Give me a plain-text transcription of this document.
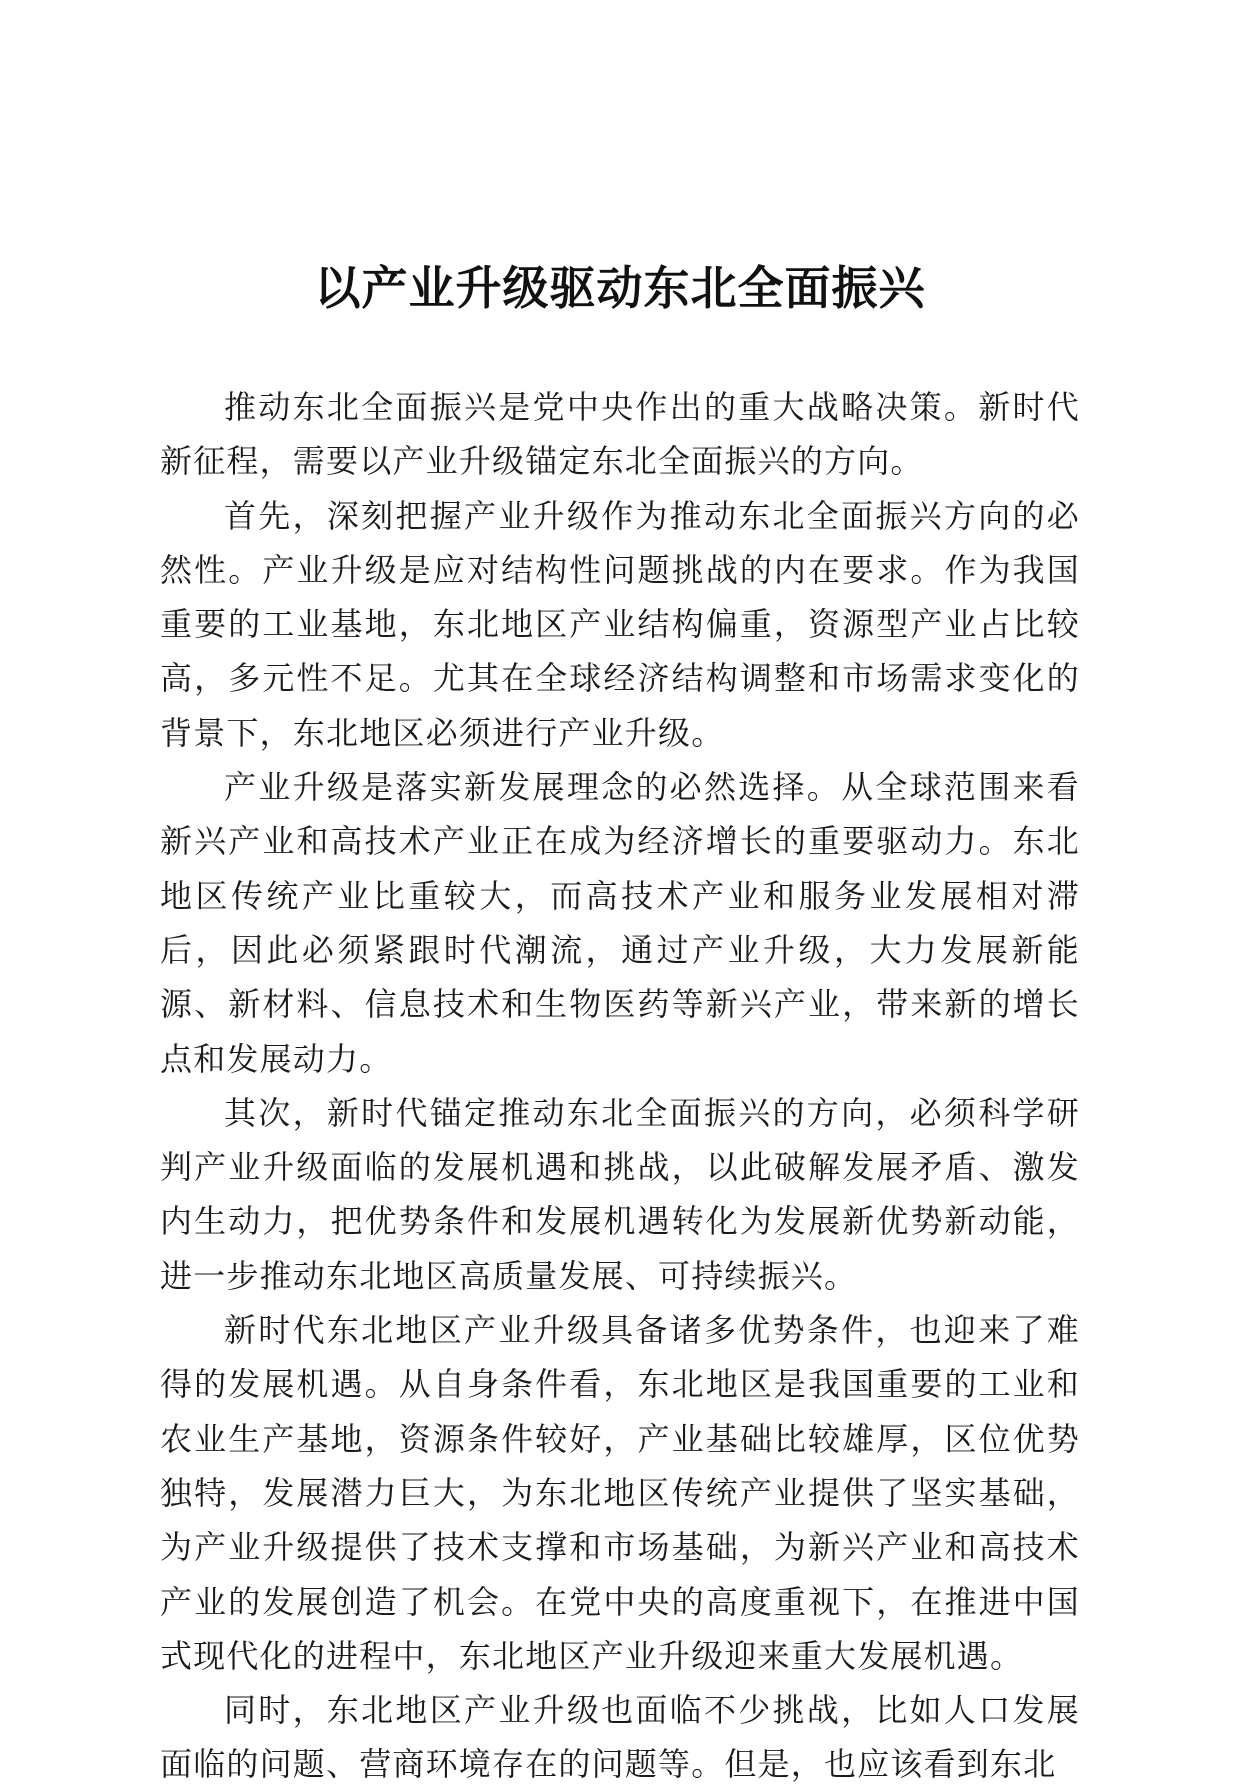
以产业升级驱动东北全面振兴

推动东北全面振兴是党中央作出的重大战略决策。新时代新征程，需要以产业升级锚定东北全面振兴的方向。

首先，深刻把握产业升级作为推动东北全面振兴方向的必然性。产业升级是应对结构性问题挑战的内在要求。作为我国重要的工业基地，东北地区产业结构偏重，资源型产业占比较高，多元性不足。尤其在全球经济结构调整和市场需求变化的背景下，东北地区必须进行产业升级。

产业升级是落实新发展理念的必然选择。从全球范围来看新兴产业和高技术产业正在成为经济增长的重要驱动力。东北地区传统产业比重较大，而高技术产业和服务业发展相对滞后，因此必须紧跟时代潮流，通过产业升级，大力发展新能源、新材料、信息技术和生物医药等新兴产业，带来新的增长点和发展动力。

其次，新时代锚定推动东北全面振兴的方向，必须科学研判产业升级面临的发展机遇和挑战，以此破解发展矛盾、激发内生动力，把优势条件和发展机遇转化为发展新优势新动能，进一步推动东北地区高质量发展、可持续振兴。

新时代东北地区产业升级具备诸多优势条件，也迎来了难得的发展机遇。从自身条件看，东北地区是我国重要的工业和农业生产基地，资源条件较好，产业基础比较雄厚，区位优势独特，发展潜力巨大，为东北地区传统产业提供了坚实基础，为产业升级提供了技术支撑和市场基础，为新兴产业和高技术产业的发展创造了机会。在党中央的高度重视下，在推进中国式现代化的进程中，东北地区产业升级迎来重大发展机遇。

同时，东北地区产业升级也面临不少挑战，比如人口发展面临的问题、营商环境存在的问题等。但是，也应该看到东北
